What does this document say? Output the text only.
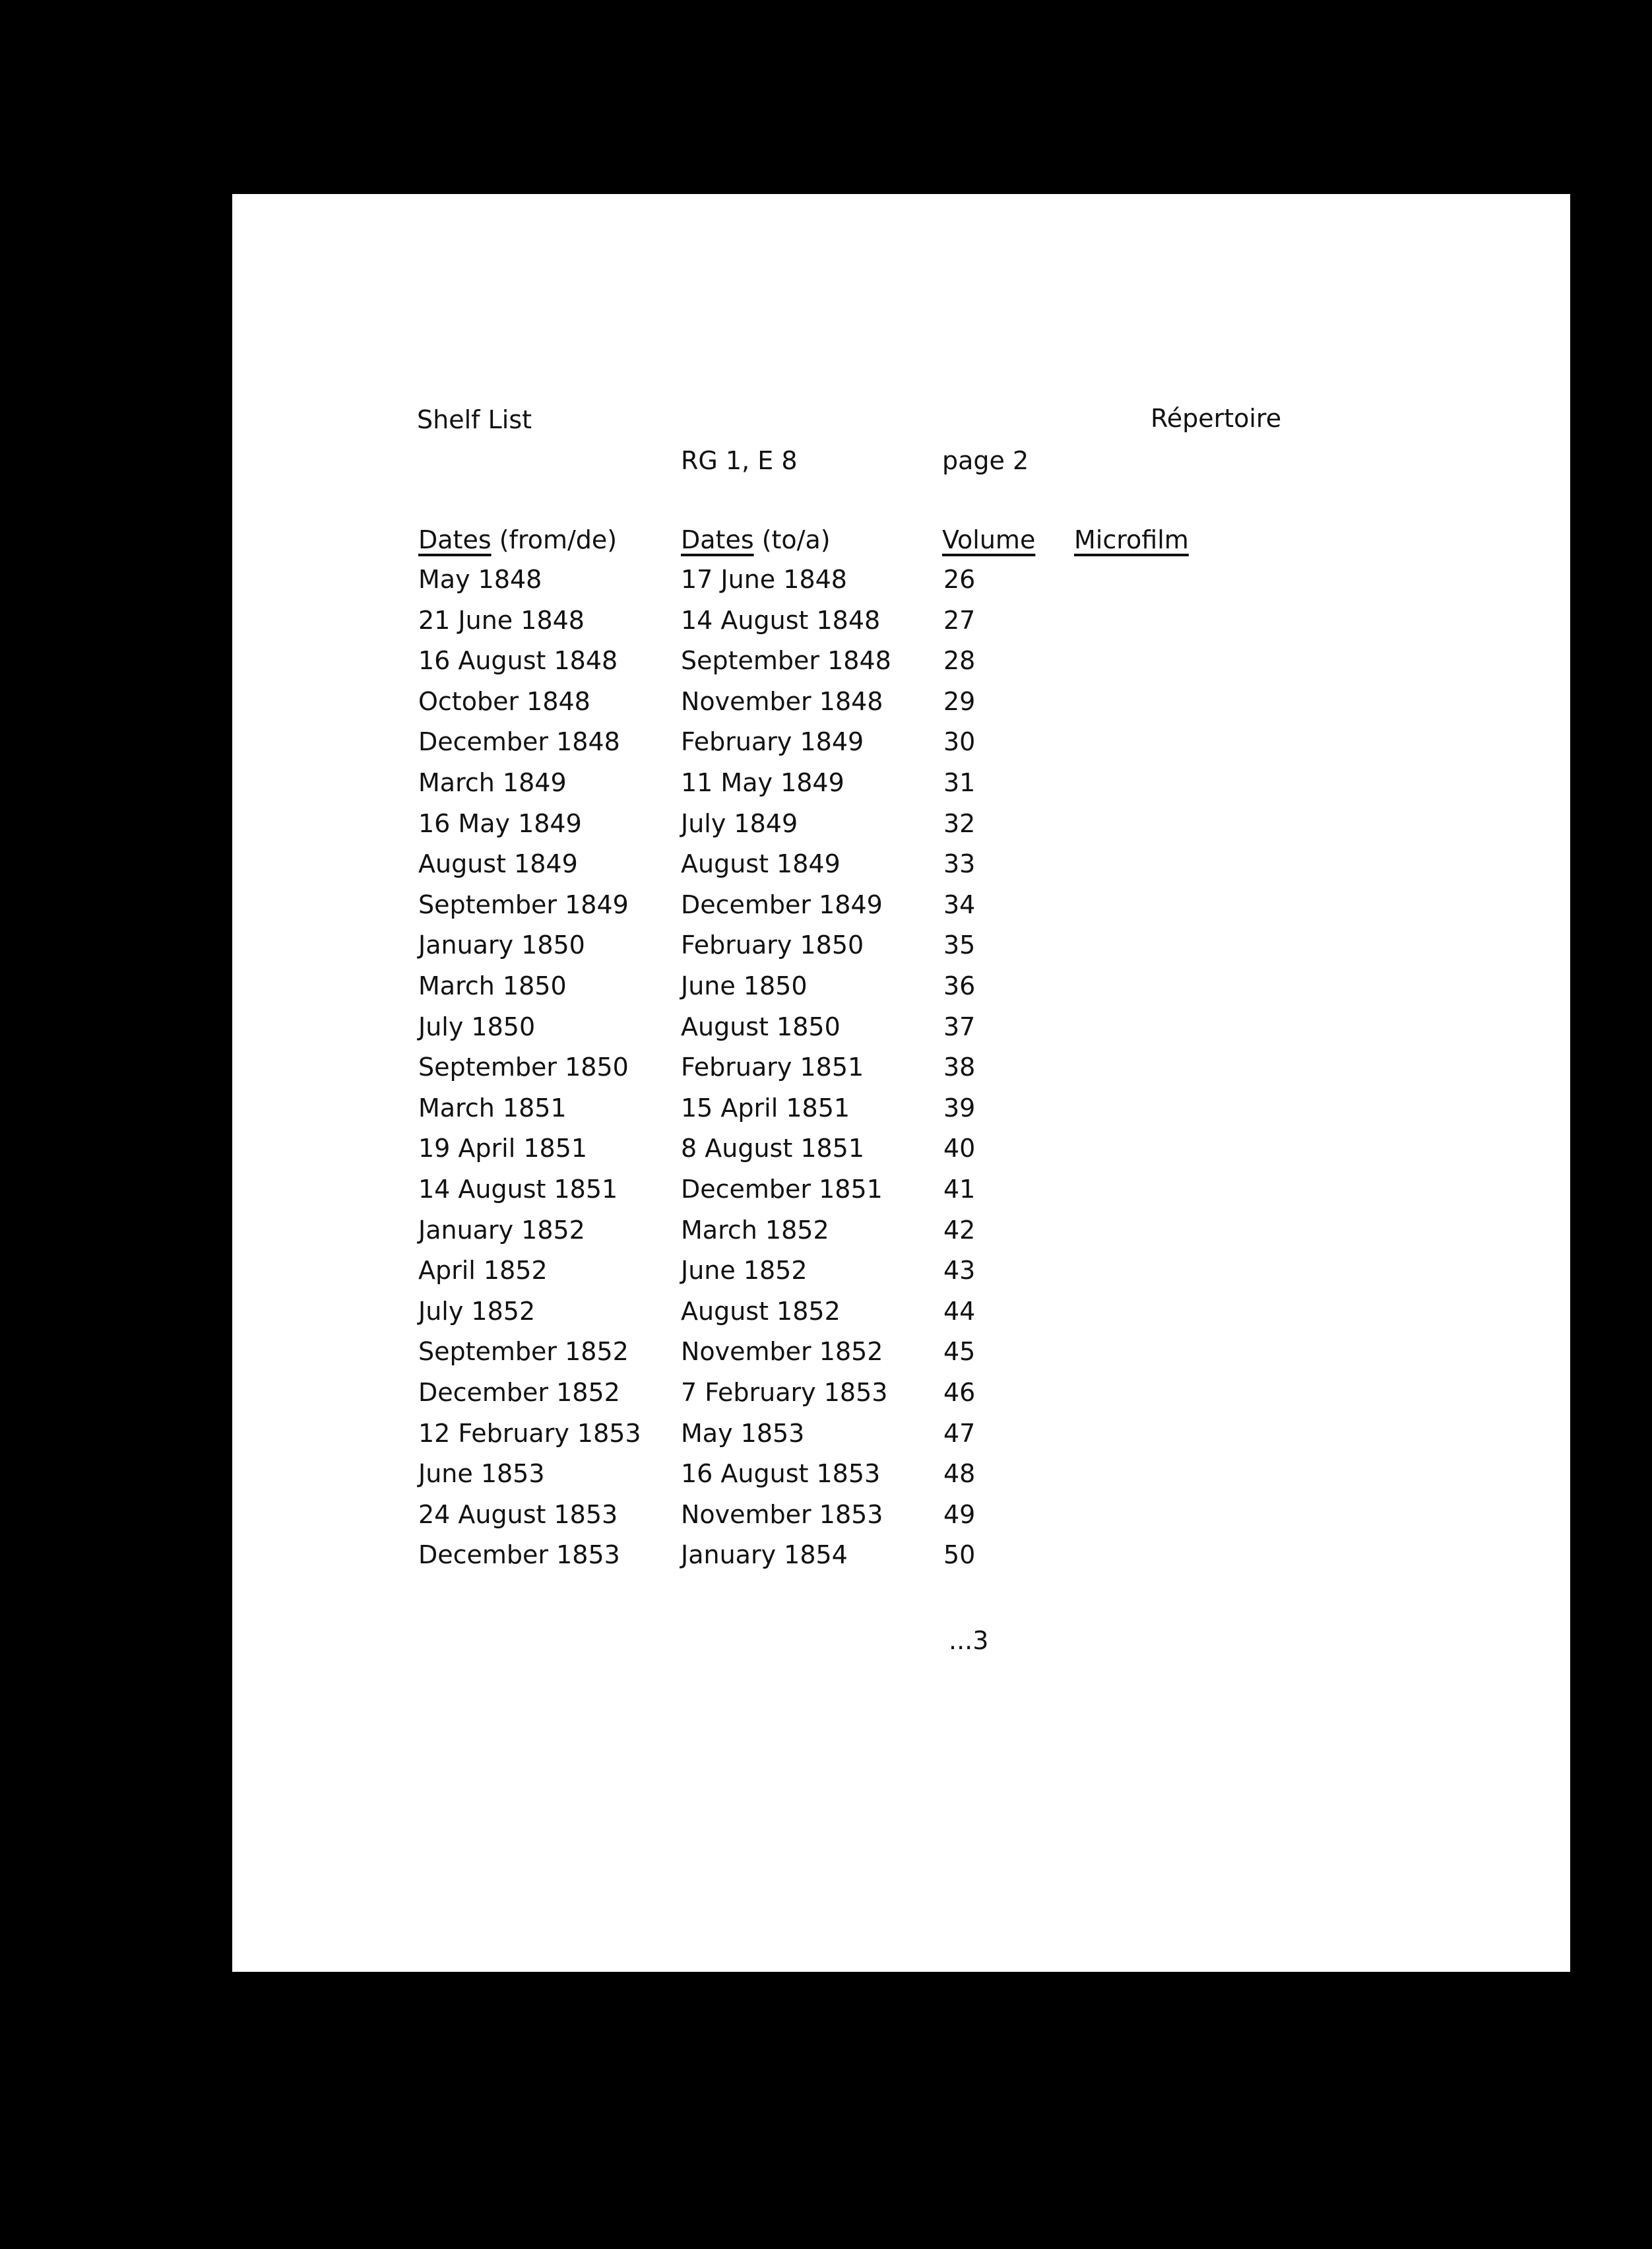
Shelf List	Répertoire
RG 1, E 8	page 2
Dates (from/de)	Dates (to/a)	Volume Microfilm
May 1848	17 June 1848	26
21 June 1848	14 August 1848	27
16 August 1848	September 1848 28
October 1848	November 1848 29
December 1848 February 1849	30
March 1849	11 May 1849	31
16 May 1849	July 1849	32
August 1849	August 1849	33
September 1849 December 1849 34
January 1850	February 1850	35
March 1850	June 1850	36
July 1850	August 1850	37
September 1850 February 1851	38
March 1851	15 April 1851	39
19 April 1851	8 August 1851	40
14 August 1851	December 1851 41
January 1852	March 1852	42
April 1852	June 1852	43
July 1852	August 1852	44
September 1852 November 1852 45
December 1852 7 February 1853 46
12 February 1853 May 1853	47
June 1853	16 August 1853	48
24 August 1853	November 1853 49
December 1853 January 1854	50
...3
